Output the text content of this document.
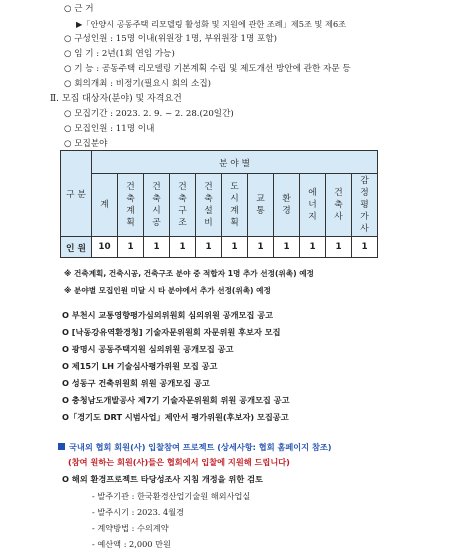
○ 근 거
▶「안양시 공동주택 리모델링 활성화 및 지원에 관한 조례」제5조 및 제6조
○ 구성인원 : 15명 이내(위원장 1명, 부위원장 1명 포함)
○ 임 기 : 2년(1회 연임 가능)
○ 기 능 : 공동주택 리모델링 기본계획 수립 및 제도개선 방안에 관한 자문 등
○ 회의개최 : 비정기(필요시 회의 소집)
Ⅱ. 모집 대상자(분야) 및 자격요건
○ 모집기간 : 2023. 2. 9. ~ 2. 28.(20일간)
○ 모집인원 : 11명 이내
○ 모집분야
구 분	분 야 별										
	계	건축계획	건축시공	건축구조	건축설비	도시계획	교통	환경	에너지	건축사	감정평가사
인 원	10	1	1	1	1	1	1	1	1	1	1
※ 건축계획, 건축시공, 건축구조 분야 중 적합자 1명 추가 선정(위촉) 예정
※ 분야별 모집인원 미달 시 타 분야에서 추가 선정(위촉) 예정
O 부천시 교통영향평가심의위원회 심의위원 공개모집 공고
O [낙동강유역환경청] 기술자문위원회 자문위원 후보자 모집
O 광명시 공동주택지원 심의위원 공개모집 공고
O 제15기 LH 기술심사평가위원 모집 공고
O 성동구 건축위원회 위원 공개모집 공고
O 충청남도개발공사 제7기 기술자문위원회 위원 공개모집 공고
O「경기도 DRT 시범사업」제안서 평가위원(후보자) 모집공고
국내외 협회 회원(사) 입찰참여 프로젝트 (상세사항: 협회 홈페이지 참조)
(참여 원하는 회원(사)들은 협회에서 입찰에 지원해 드립니다)
O 해외 환경프로젝트 타당성조사 지침 개정을 위한 검토
- 발주기관 : 한국환경산업기술원 해외사업실
- 발주시기 : 2023. 4월경
- 계약방법 : 수의계약
- 예산액 : 2,000 만원
